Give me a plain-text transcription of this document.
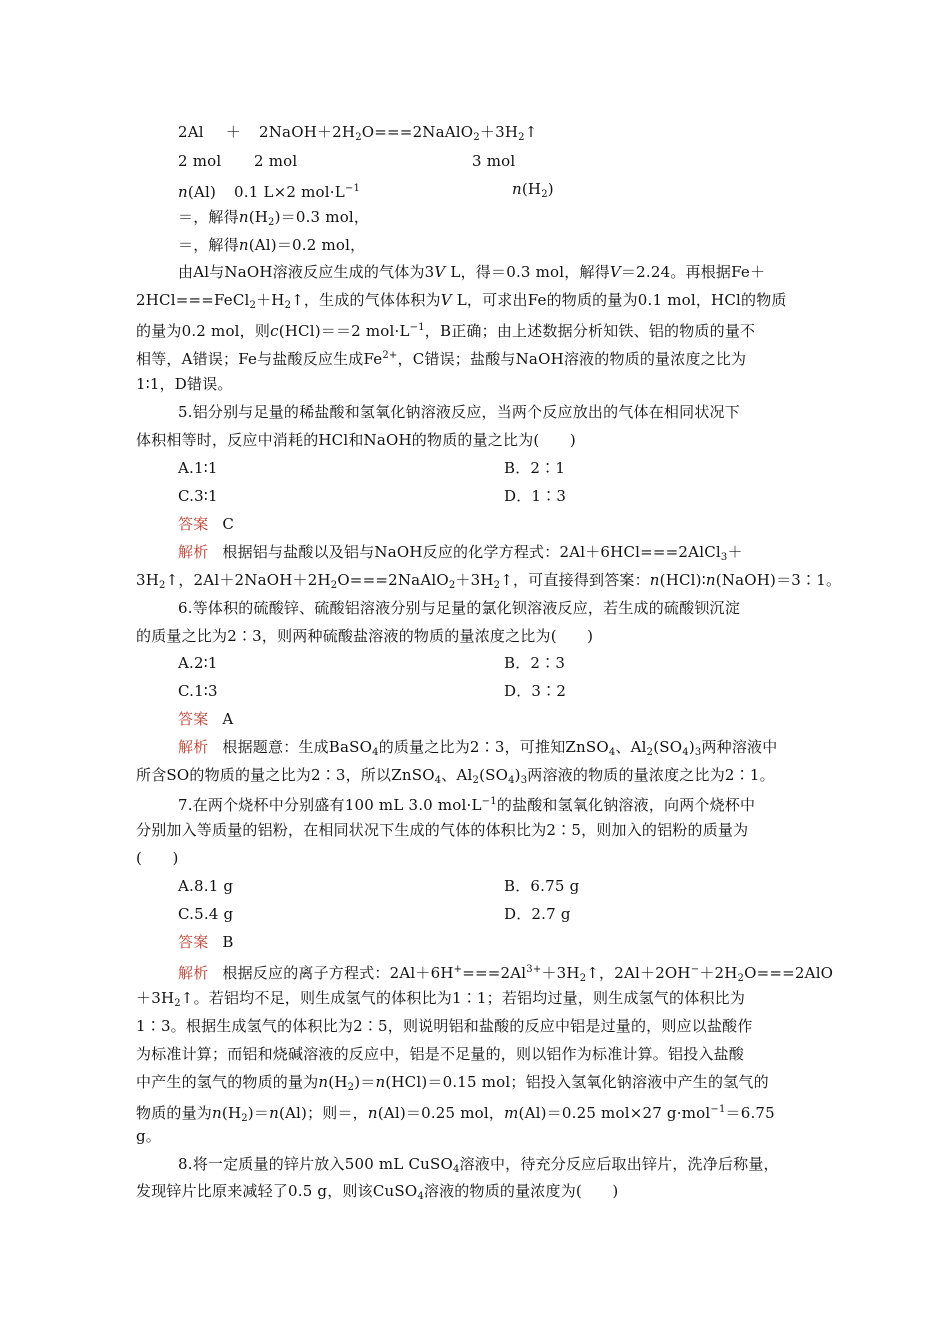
$2Al + 2NaOH+2H_2O===2NaAlO_2+3H_2↑$
2 mol 2 mol	3 mol
n(Al) 0.1 L×2 $mol\cdot L^{-1}$	$n(H_2)$
＝，解得$n(H_2)=0.3$ mol，
＝，解得n(Al)＝0.2 mol，
由Al与NaOH溶液反应生成的气体为3V L，得＝0.3 mol，解得V＝2.24。再根据Fe＋
$2HCl===FeCl_2+H_2↑$，生成的气体体积为V L，可求出Fe的物质的量为0.1 mol，HCl的物质
的量为0.2 mol，则c(HCl)＝＝2 $mol\cdot L^{-1}$，B正确；由上述数据分析知铁、铝的物质的量不
相等，A错误；Fe与盐酸反应生成$Fe^{2+}$，C错误；盐酸与NaOH溶液的物质的量浓度之比为
1∶1，D错误。
5.铝分别与足量的稀盐酸和氢氧化钠溶液反应，当两个反应放出的气体在相同状况下
体积相等时，反应中消耗的HCl和NaOH的物质的量之比为(　　)
A.1∶1	B．2∶1
C.3∶1	D．1∶3
答案 C
解析 根据铝与盐酸以及铝与NaOH反应的化学方程式：2Al＋6HCl===2AlCl$_3$＋
$3H_2↑$，$2Al+2NaOH+2H_2O===2NaAlO_2+3H_2↑$，可直接得到答案：n(HCl)∶n(NaOH)＝3∶1。
6.等体积的硫酸锌、硫酸铝溶液分别与足量的氯化钡溶液反应，若生成的硫酸钡沉淀
的质量之比为2∶3，则两种硫酸盐溶液的物质的量浓度之比为(　　)
A.2∶1	B．2∶3
C.1∶3	D．3∶2
答案 A
解析 根据题意：生成BaSO$_4$的质量之比为2∶3，可推知ZnSO$_4$、$Al_2(SO_4)_3$两种溶液中
所含SO的物质的量之比为2∶3，所以ZnSO$_4$、$Al_2(SO_4)_3$两溶液的物质的量浓度之比为2∶1。
7.在两个烧杯中分别盛有100 mL 3.0 $mol\cdot L^{-1}$的盐酸和氢氧化钠溶液，向两个烧杯中
分别加入等质量的铝粉，在相同状况下生成的气体的体积比为2∶5，则加入的铝粉的质量为
(　　)
A.8.1 g	B．6.75 g
C.5.4 g	D．2.7 g
答案 B
解析 根据反应的离子方程式：$2Al+6H^+===2Al^{3+}+3H_2↑$，$2Al+2OH^-+2H_2O===2AlO$
$+3H_2↑$。若铝均不足，则生成氢气的体积比为1∶1；若铝均过量，则生成氢气的体积比为
1∶3。根据生成氢气的体积比为2∶5，则说明铝和盐酸的反应中铝是过量的，则应以盐酸作
为标准计算；而铝和烧碱溶液的反应中，铝是不足量的，则以铝作为标准计算。铝投入盐酸
中产生的氢气的物质的量为$n(H_2)=n(HCl)=0.15$ mol；铝投入氢氧化钠溶液中产生的氢气的
物质的量为$n(H_2)=n(Al)$；则＝，n(Al)＝0.25 mol，m(Al)＝0.25 mol×27 g·mol$^{-1}$＝6.75
g。
8.将一定质量的锌片放入500 mL CuSO$_4$溶液中，待充分反应后取出锌片，洗净后称量，
发现锌片比原来减轻了0.5 g，则该CuSO$_4$溶液的物质的量浓度为(　　)
